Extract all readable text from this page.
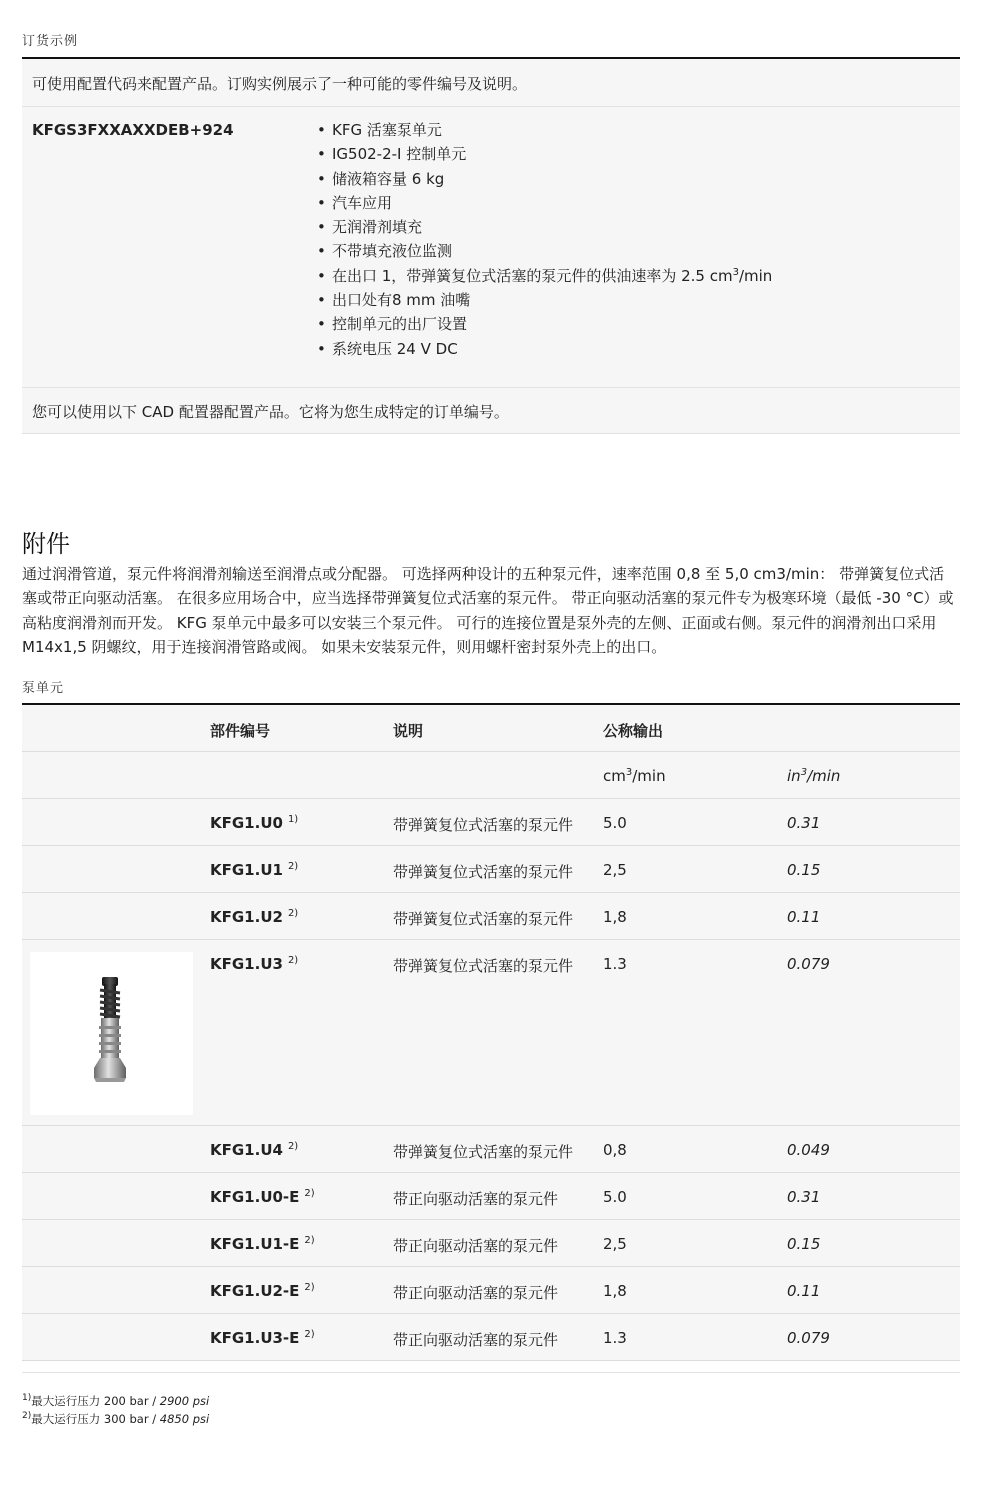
订货示例
可使用配置代码来配置产品。订购实例展示了一种可能的零件编号及说明。
KFGS3FXXAXXDEB+924
•	KFG 活塞泵单元
• IG502-2-I 控制单元
• 储液箱容量 6 kg
• 汽车应用
• 无润滑剂填充
• 不带填充液位监测
• 在出口 1，带弹簧复位式活塞的泵元件的供油速率为 2.5 $cm^3/\min$
• 出口处有8 mm 油嘴
• 控制单元的出厂设置
• 系统电压 24 V DC
您可以使用以下 CAD 配置器配置产品。它将为您生成特定的订单编号。
附件
通过润滑管道，泵元件将润滑剂输送至润滑点或分配器。 可选择两种设计的五种泵元件，速率范围 0,8 至 5,0 cm3/min： 带弹簧复位式活塞或带正向驱动活塞。 在很多应用场合中，应当选择带弹簧复位式活塞的泵元件。 带正向驱动活塞的泵元件专为极寒环境（最低 -30 °C）或高粘度润滑剂而开发。 KFG 泵单元中最多可以安装三个泵元件。 可行的连接位置是泵外壳的左侧、正面或右侧。泵元件的润滑剂出口采用 M14x1,5 阴螺纹，用于连接润滑管路或阀。 如果未安装泵元件，则用螺杆密封泵外壳上的出口。
泵单元
部件编号	说明	公称输出
$cm^3/\min$	$in^3/\min$
KFG1.U0 $^{1)}$	带弹簧复位式活塞的泵元件 5.0	0.31
KFG1.U1 $^{2)}$	带弹簧复位式活塞的泵元件 2,5	0.15
KFG1.U2 $^{2)}$	带弹簧复位式活塞的泵元件 1,8	0.11
KFG1.U3 $^{2)}$	带弹簧复位式活塞的泵元件 1.3	0.079
KFG1.U4 $^{2)}$	带弹簧复位式活塞的泵元件 0,8	0.049
KFG1.U0-E $^{2)}$	带正向驱动活塞的泵元件	5.0	0.31
KFG1.U1-E $^{2)}$	带正向驱动活塞的泵元件	2,5	0.15
KFG1.U2-E $^{2)}$	带正向驱动活塞的泵元件	1,8	0.11
KFG1.U3-E $^{2)}$	带正向驱动活塞的泵元件	1.3	0.079
$^{1)}$最大运行压力 200 bar / 2900 psi
$^{2)}$最大运行压力 300 bar / 4850 psi
